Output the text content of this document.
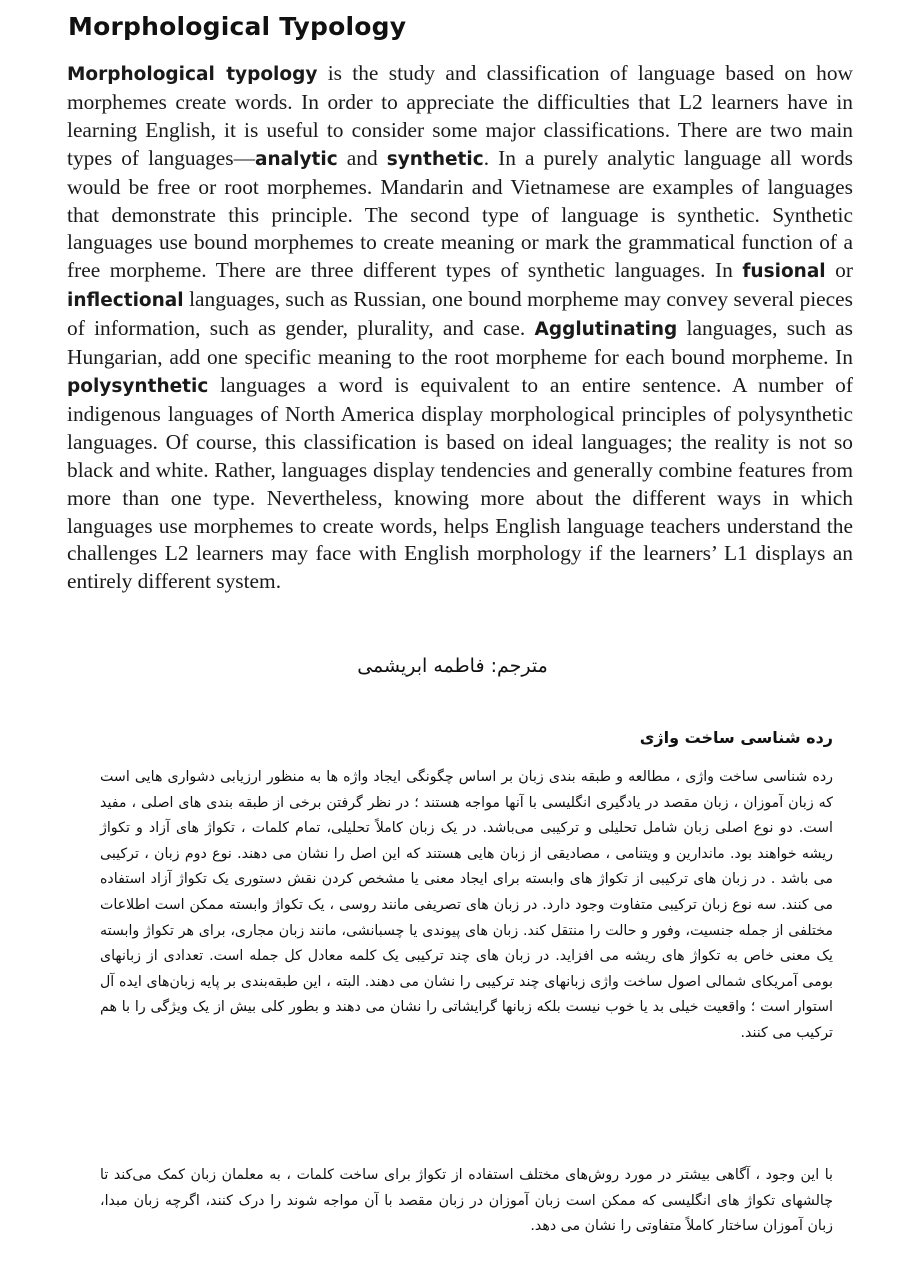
Morphological Typology

Morphological typology is the study and classification of language based on how morphemes create words. In order to appreciate the difficulties that L2 learners have in learning English, it is useful to consider some major classifications. There are two main types of languages—analytic and synthetic. In a purely analytic language all words would be free or root morphemes. Mandarin and Vietnamese are examples of languages that demonstrate this principle. The second type of language is synthetic. Synthetic languages use bound morphemes to create meaning or mark the grammatical function of a free morpheme. There are three different types of synthetic languages. In fusional or inflectional languages, such as Russian, one bound morpheme may convey several pieces of information, such as gender, plurality, and case. Agglutinating languages, such as Hungarian, add one specific meaning to the root morpheme for each bound morpheme. In polysynthetic languages a word is equivalent to an entire sentence. A number of indigenous languages of North America display morphological principles of polysynthetic languages. Of course, this classification is based on ideal languages; the reality is not so black and white. Rather, languages display tendencies and generally combine features from more than one type. Nevertheless, knowing more about the different ways in which languages use morphemes to create words, helps English language teachers understand the challenges L2 learners may face with English morphology if the learners’ L1 displays an entirely different system.

مترجم: فاطمه ابریشمی

رده شناسی ساخت واژی

رده شناسی ساخت واژی ، مطالعه و طبقه بندی زبان بر اساس چگونگی ایجاد واژه ها به منظور ارزیابی دشواری هایی است که زبان آموزان ، زبان مقصد در یادگیری انگلیسی با آنها مواجه هستند ؛ در نظر گرفتن برخی از طبقه بندی های اصلی ، مفید است. دو نوع اصلی زبان شامل تحلیلی و ترکیبی می‌باشد. در یک زبان کاملاً تحلیلی، تمام کلمات ، تکواژ های آزاد و تکواژ ریشه خواهند بود. ماندارین و ویتنامی ، مصادیقی از زبان هایی هستند که این اصل را نشان می دهند. نوع دوم زبان ، ترکیبی می باشد . در زبان های ترکیبی از تکواژ های وابسته برای ایجاد معنی یا مشخص کردن نقش دستوری یک تکواژ آزاد استفاده می کنند. سه نوع زبان ترکیبی متفاوت وجود دارد. در زبان های تصریفی مانند روسی ، یک تکواژ وابسته ممکن است اطلاعات مختلفی از جمله جنسیت، وفور و حالت را منتقل کند. زبان های پیوندی یا چسبانشی، مانند زبان مجاری، برای هر تکواژ وابسته یک معنی خاص به تکواژ های ریشه می افزاید. در زبان های چند ترکیبی یک کلمه معادل کل جمله است. تعدادی از زبانهای بومی آمریکای شمالی اصول ساخت واژی زبانهای چند ترکیبی را نشان می دهند. البته ، این طبقه‌بندی بر پایه زبان‌های ایده آل استوار است ؛ واقعیت خیلی بد یا خوب نیست بلکه زبانها گرایشاتی را نشان می دهند و بطور کلی بیش از یک ویژگی را با هم ترکیب می کنند.

با این وجود ، آگاهی بیشتر در مورد روش‌های مختلف استفاده از تکواژ برای ساخت کلمات ، به معلمان زبان کمک می‌کند تا چالشهای تکواژ های انگلیسی که ممکن است زبان آموزان در زبان مقصد با آن مواجه شوند را درک کنند، اگرچه زبان مبدا، زبان آموزان ساختار کاملاً متفاوتی را نشان می دهد.
